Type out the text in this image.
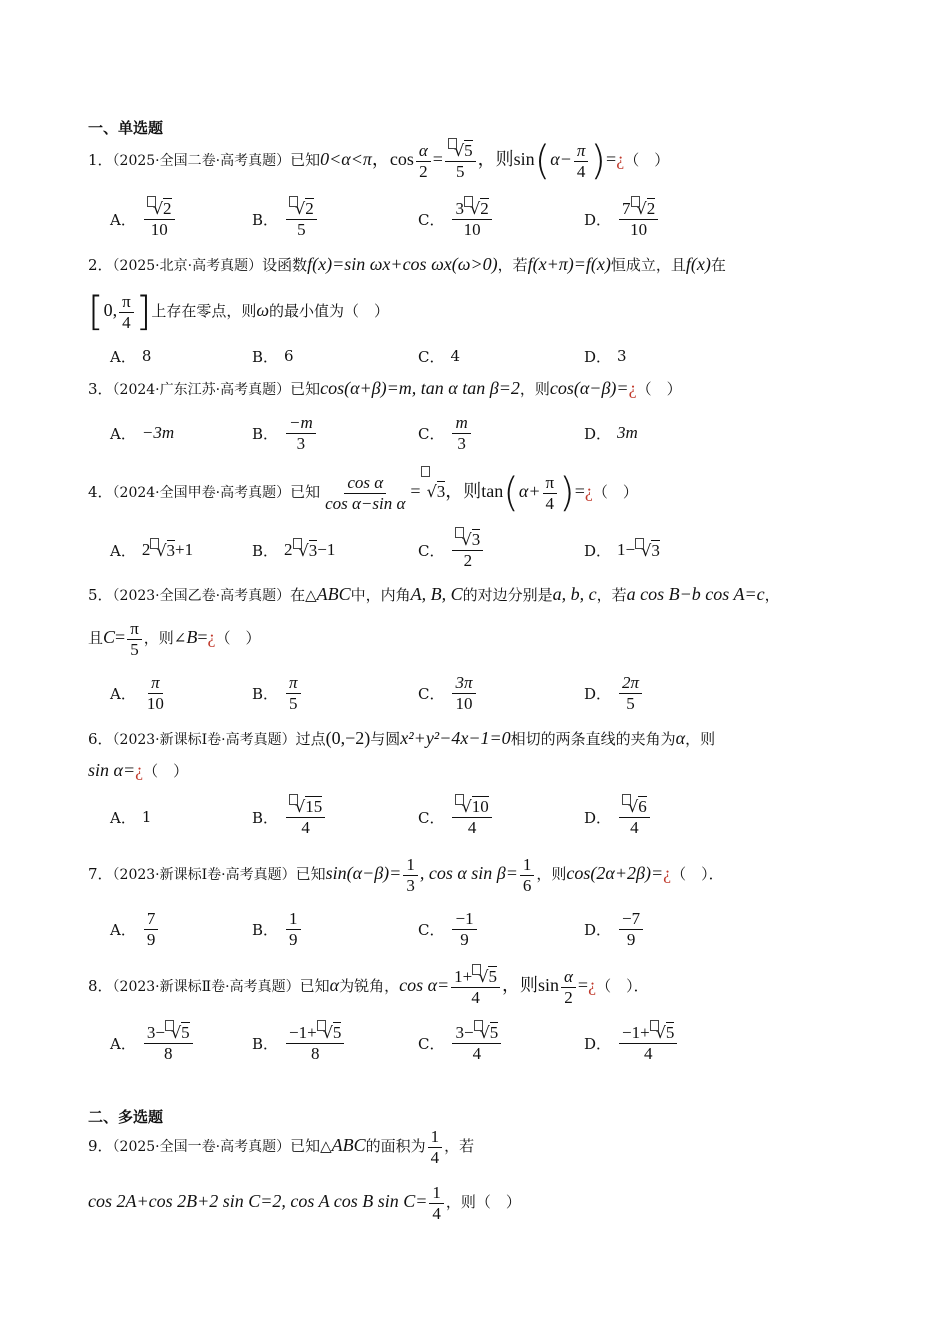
一、单选题
1．（2025·全国二卷·高考真题）已知0<α<π，$\cos \frac{\alpha}{2} = \frac{√5}{5}$ ，则$\sin(\alpha- \frac{\pi}{4}$ )=¿（　）
A． $\frac{√2}{10}$	B． $\frac{√2}{5}$	C． $\frac{3 √2}{10}$	D． $\frac{7 √2}{10}$
2．（2025·北京·高考真题）设函数f(x)=sin ωx+cos ωx(ω>0)，若f(x+π)=f(x)恒成立，且f(x)在
[0, $\frac{\pi}{4}$ ]上存在零点，则ω的最小值为（　）
A． 8	B． 6	C． 4	D． 3
3．（2024·广东江苏·高考真题）已知cos(α+β)=m, tan α tan β=2，则cos(α−β)=¿（　）
A． −3m	B． $\frac{-m}{3}$	C． $\frac{m}{3}$	D． 3m
4．（2024·全国甲卷·高考真题）已知 $\frac{\text{cos α}}{\text{cos α−sin α}} = √3$，则$\tan(\alpha+ \frac{\pi}{4}$ )=¿（　）
A． 2 √3 +1	B． 2 √3 −1	C． $\frac{√3}{2}$	D． 1− √3
5．（2023·全国乙卷·高考真题）在△ABC中，内角A, B, C的对边分别是a, b, c，若a cos B−b cos A=c，
且$C= \frac{\pi}{5}$ ，则∠B=¿（　）
A． $\frac{\pi}{10}$	B． $\frac{\pi}{5}$	C． $\frac{3\pi}{10}$	D． $\frac{2\pi}{5}$
6．（2023·新课标Ⅰ卷·高考真题）过点(0,−2)与圆x²+y²−4x−1=0相切的两条直线的夹角为α，则
sin α=¿（　）
A． 1	B． $\frac{√15}{4}$	C． $\frac{√10}{4}$	D． $\frac{√6}{4}$
7．（2023·新课标Ⅰ卷·高考真题）已知$\sin(\alpha-\beta)= \frac{1}{3}$ , cos α $\sin \beta= \frac{1}{6}$ ，则cos(2α+2β)=¿（　）．
A． $\frac{7}{9}$	B． $\frac{1}{9}$	C． $\frac{-1}{9}$	D． $\frac{-7}{9}$
8．（2023·新课标Ⅱ卷·高考真题）已知α为锐角，$\cos \alpha= \frac{1+ √5}{4}$ ，则$\sin \frac{\alpha}{2}$ =¿（　）．
A． $\frac{3- √5}{8}$	B． $\frac{-1+ √5}{8}$	C． $\frac{3- √5}{4}$	D． $\frac{-1+ √5}{4}$
二、多选题
9．（2025·全国一卷·高考真题）已知△ABC的面积为 $\frac{1}{4}$ ，若
cos 2A+cos 2B+2 sin C=2, cos A cos B $\sin C= \frac{1}{4}$ ，则（　）
